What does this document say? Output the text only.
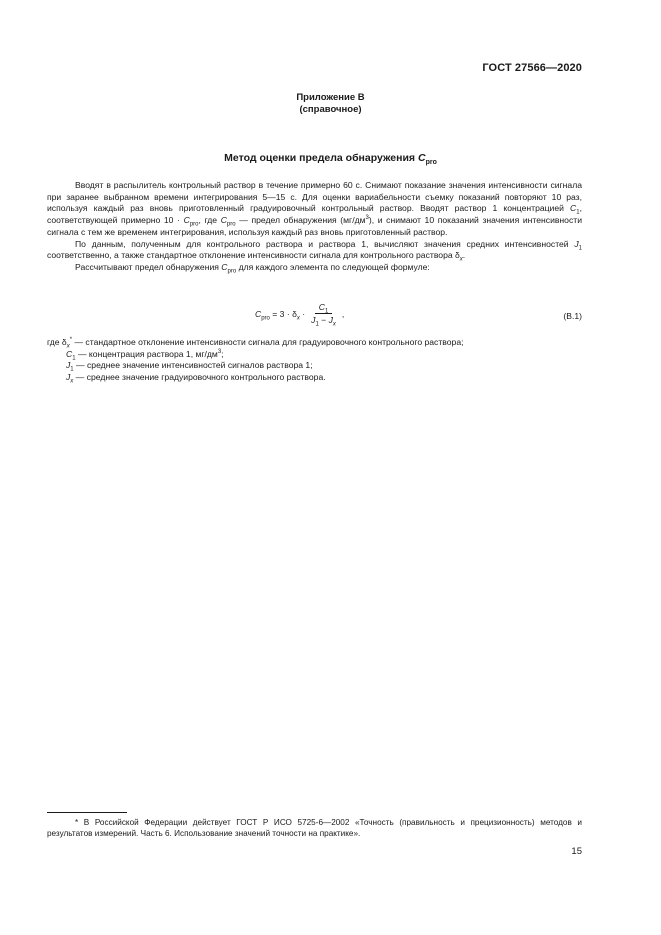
ГОСТ 27566—2020
Приложение В
(справочное)
Метод оценки предела обнаружения $C_{pro}$

Вводят в распылитель контрольный раствор в течение примерно 60 с. Снимают показание значения интенсивности сигнала при заранее выбранном времени интегрирования 5—15 с. Для оценки вариабельности съемку показаний повторяют 10 раз, используя каждый раз вновь приготовленный градуировочный контрольный раствор. Вводят раствор 1 концентрацией $C_1$, соответствующей примерно $10 \cdot C_{pro}$, где $C_{pro}$ — предел обнаружения $(мг/дм^3)$, и снимают 10 показаний значения интенсивности сигнала с тем же временем интегрирования, используя каждый раз вновь приготовленный раствор.

По данным, полученным для контрольного раствора и раствора 1, вычисляют значения средних интенсивностей $J_1$ соответственно, а также стандартное отклонение интенсивности сигнала для контрольного раствора $\delta_x$.

Рассчитывают предел обнаружения $C_{pro}$ для каждого элемента по следующей формуле:

$C_{pro} = 3 \cdot \delta_x \cdot \frac{C_1}{J_1 - J_x}$ ,	(В.1)
где $\delta_x^*$ — стандартное отклонение интенсивности сигнала для градуировочного контрольного раствора;
$C_1$ — концентрация раствора 1, $мг/дм^3$;
$J_1$ — среднее значение интенсивностей сигналов раствора 1;
$J_x$ — среднее значение градуировочного контрольного раствора.

* В Российской Федерации действует ГОСТ Р ИСО 5725-6—2002 «Точность (правильность и прецизионность) методов и результатов измерений. Часть 6. Использование значений точности на практике».

15
